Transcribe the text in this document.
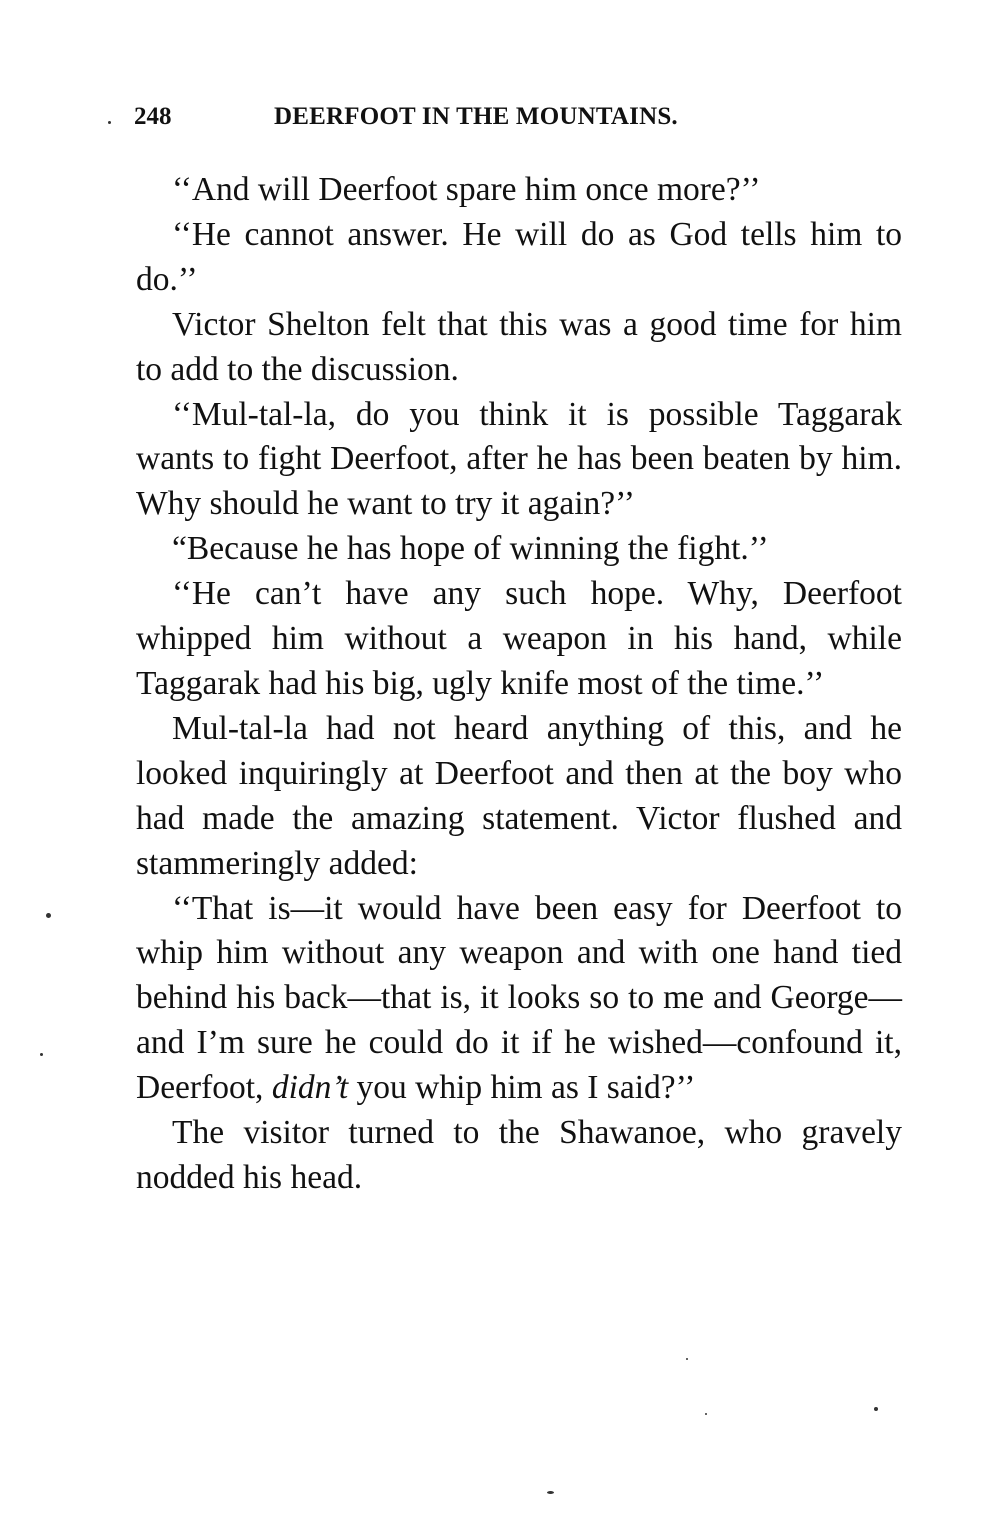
248	DEERFOOT IN THE MOUNTAINS.

‘‘And will Deerfoot spare him once more?’’

‘‘He cannot answer. He will do as God tells him to do.’’

Victor Shelton felt that this was a good time for him to add to the discussion.

‘‘Mul-tal-la, do you think it is possible Taggarak wants to fight Deerfoot, after he has been beaten by him. Why should he want to try it again?’’

“Because he has hope of winning the fight.’’

‘‘He can’t have any such hope. Why, Deerfoot whipped him without a weapon in his hand, while Taggarak had his big, ugly knife most of the time.’’

Mul-tal-la had not heard anything of this, and he looked inquiringly at Deerfoot and then at the boy who had made the amazing statement. Victor flushed and stammeringly added:

‘‘That is—it would have been easy for Deerfoot to whip him without any weapon and with one hand tied behind his back—that is, it looks so to me and George—and I’m sure he could do it if he wished—confound it, Deerfoot, didn’t you whip him as I said?’’

The visitor turned to the Shawanoe, who gravely nodded his head.
